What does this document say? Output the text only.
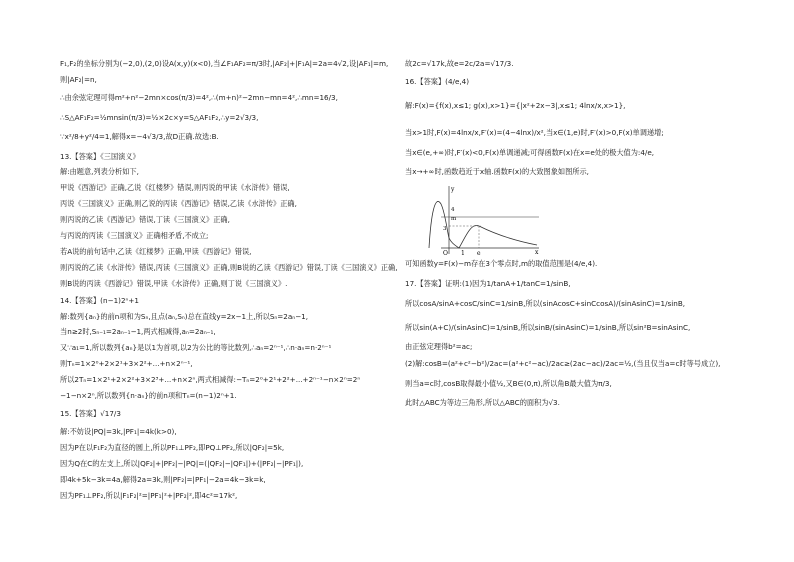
F₁,F₂的坐标分别为(−2,0),(2,0)设A(x,y)(x<0),当∠F₁AF₂=π/3时,|AF₂|+|F₁A|=2a=4√2,设|AF₁|=m,
则|AF₂|=n,
∴由余弦定理可得m²+n²−2mn×cos(π/3)=4²,∴(m+n)²−2mn−mn=4²,∴mn=16/3,
∴S△AF₁F₂=½mnsin(π/3)=½×2c×y=S△AF₁F₂,∴y=2√3/3,
∵x²/8+y²/4=1,解得x=−4√3/3,故D正确.故选:B.
13.【答案】《三国演义》
解:由题意,列表分析如下,
甲说《西游记》正确,乙说《红楼梦》错误,则丙说的甲读《水浒传》错误,
丙说《三国演义》正确,则乙说的丙读《西游记》错误,乙读《水浒传》正确,
则丙说的乙读《西游记》错误,丁读《三国演义》正确,
与丙说的丙读《三国演义》正确相矛盾,不成立;
若A说的前句话中,乙读《红楼梦》正确,甲读《西游记》错误,
则丙说的乙读《水浒传》错误,丙读《三国演义》正确,则B说的乙读《西游记》错误,丁读《三国演义》正确,
则B说的丙读《西游记》错误,甲读《水浒传》正确,则丁说《三国演义》.
14.【答案】(n−1)2ⁿ+1
解:数列{aₙ}的前n项和为Sₙ,且点(aₙ,Sₙ)总在直线y=2x−1上,所以Sₙ=2aₙ−1,
当n≥2时,Sₙ₋₁=2aₙ₋₁−1,两式相减得,aₙ=2aₙ₋₁,
又∵a₁=1,所以数列{aₙ}是以1为首项,以2为公比的等比数列,∴aₙ=2ⁿ⁻¹,∴n·aₙ=n·2ⁿ⁻¹
则Tₙ=1×2⁰+2×2¹+3×2²+...+n×2ⁿ⁻¹,
所以2Tₙ=1×2¹+2×2²+3×2³+...+n×2ⁿ,两式相减得:−Tₙ=2⁰+2¹+2²+...+2ⁿ⁻¹−n×2ⁿ=2ⁿ
−1−n×2ⁿ,所以数列{n·aₙ}的前n项和Tₙ=(n−1)2ⁿ+1.
15.【答案】√17/3
解:不妨设|PQ|=3k,|PF₁|=4k(k>0),
因为P在以F₁F₂为直径的圆上,所以PF₁⊥PF₂,即PQ⊥PF₂,所以|QF₂|=5k,
因为Q在C的左支上,所以|QF₂|+|PF₂|−|PQ|=(|QF₂|−|QF₁|)+(|PF₂|−|PF₁|),
即4k+5k−3k=4a,解得2a=3k,则|PF₂|=|PF₁|−2a=4k−3k=k,
因为PF₁⊥PF₂,所以|F₁F₂|²=|PF₁|²+|PF₂|²,即4c²=17k²,
故2c=√17k,故e=2c/2a=√17/3.
16.【答案】(4/e,4)
解:F(x)={f(x),x≤1; g(x),x>1}={|x²+2x−3|,x≤1; 4lnx/x,x>1},
当x>1时,F(x)=4lnx/x,F′(x)=(4−4lnx)/x²,当x∈(1,e)时,F′(x)>0,F(x)单调递增;
当x∈(e,+∞)时,F′(x)<0,F(x)单调递减;可得函数F(x)在x=e处的极大值为:4/e,
当x→+∞时,函数趋近于x轴.函数F(x)的大致图象如图所示,
可知函数y=F(x)−m存在3个零点时,m的取值范围是(4/e,4).
17.【答案】证明:(1)因为1/tanA+1/tanC=1/sinB,
所以cosA/sinA+cosC/sinC=1/sinB,所以(sinAcosC+sinCcosA)/(sinAsinC)=1/sinB,
所以sin(A+C)/(sinAsinC)=1/sinB,所以sinB/(sinAsinC)=1/sinB,所以sin²B=sinAsinC,
由正弦定理得b²=ac;
(2)解:cosB=(a²+c²−b²)/2ac=(a²+c²−ac)/2ac≥(2ac−ac)/2ac=½,(当且仅当a=c时等号成立),
则当a=c时,cosB取得最小值½,又B∈(0,π),所以角B最大值为π/3,
此时△ABC为等边三角形,所以△ABC的面积为√3.
y
x
O 1 e
4
m
3
